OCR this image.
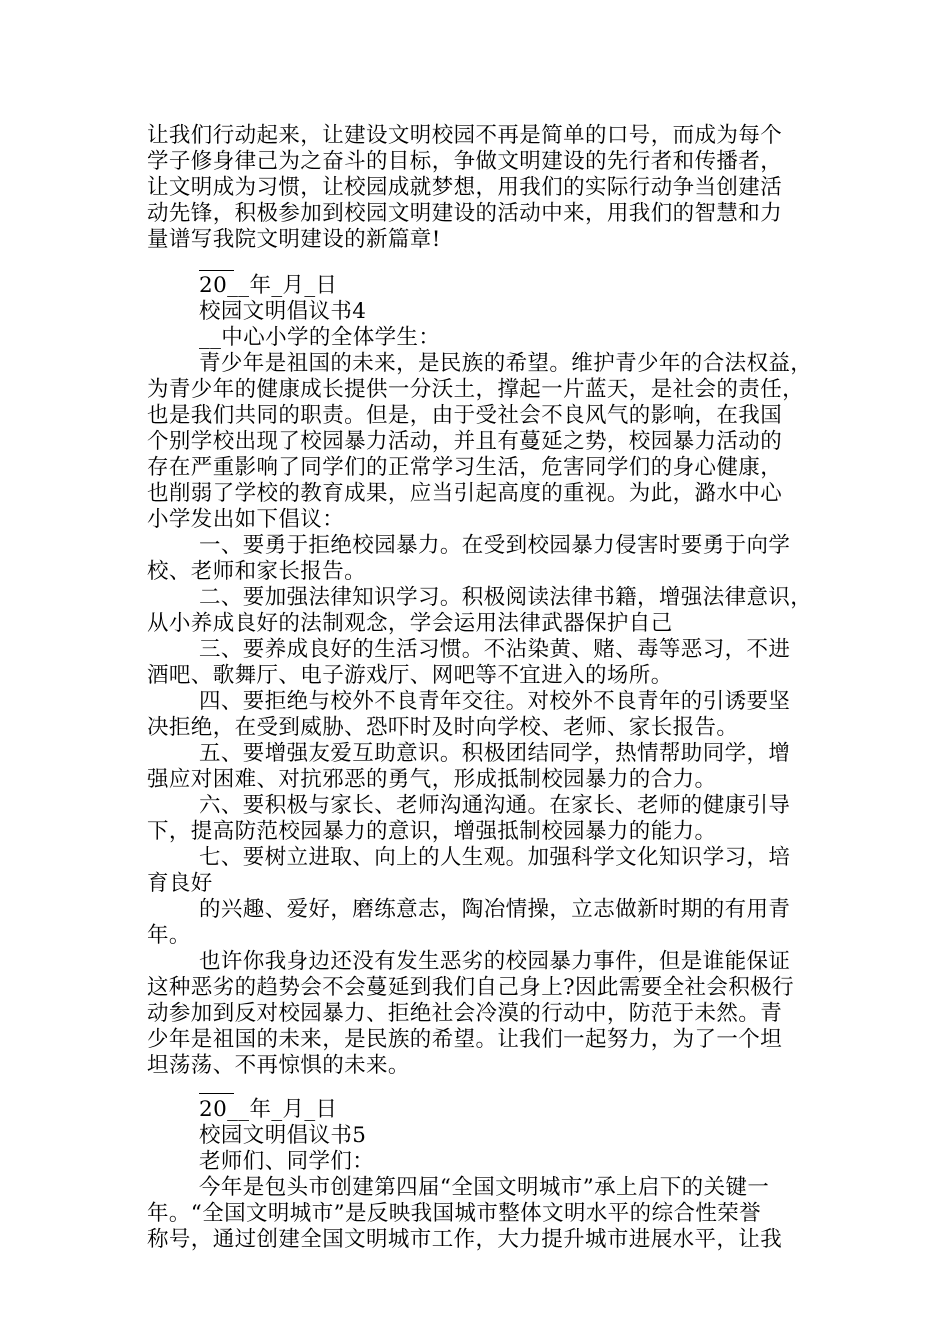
让我们行动起来，让建设文明校园不再是简单的口号，而成为每个
学子修身律己为之奋斗的目标，争做文明建设的先行者和传播者，
让文明成为习惯，让校园成就梦想，用我们的实际行动争当创建活
动先锋，积极参加到校园文明建设的活动中来，用我们的智慧和力
量谱写我院文明建设的新篇章!
20__年_月_日
校园文明倡议书4
__中心小学的全体学生：
青少年是祖国的未来，是民族的希望。维护青少年的合法权益，
为青少年的健康成长提供一分沃土，撑起一片蓝天，是社会的责任，
也是我们共同的职责。但是，由于受社会不良风气的影响，在我国
个别学校出现了校园暴力活动，并且有蔓延之势，校园暴力活动的
存在严重影响了同学们的正常学习生活，危害同学们的身心健康，
也削弱了学校的教育成果，应当引起高度的重视。为此，潞水中心
小学发出如下倡议：
一、要勇于拒绝校园暴力。在受到校园暴力侵害时要勇于向学
校、老师和家长报告。
二、要加强法律知识学习。积极阅读法律书籍，增强法律意识，
从小养成良好的法制观念，学会运用法律武器保护自己
三、要养成良好的生活习惯。不沾染黄、赌、毒等恶习，不进
酒吧、歌舞厅、电子游戏厅、网吧等不宜进入的场所。
四、要拒绝与校外不良青年交往。对校外不良青年的引诱要坚
决拒绝，在受到威胁、恐吓时及时向学校、老师、家长报告。
五、要增强友爱互助意识。积极团结同学，热情帮助同学，增
强应对困难、对抗邪恶的勇气，形成抵制校园暴力的合力。
六、要积极与家长、老师沟通沟通。在家长、老师的健康引导
下，提高防范校园暴力的意识，增强抵制校园暴力的能力。
七、要树立进取、向上的人生观。加强科学文化知识学习，培
育良好
的兴趣、爱好，磨练意志，陶冶情操，立志做新时期的有用青
年。
也许你我身边还没有发生恶劣的校园暴力事件，但是谁能保证
这种恶劣的趋势会不会蔓延到我们自己身上?因此需要全社会积极行
动参加到反对校园暴力、拒绝社会冷漠的行动中，防范于未然。青
少年是祖国的未来，是民族的希望。让我们一起努力，为了一个坦
坦荡荡、不再惊惧的未来。
20__年_月_日
校园文明倡议书5
老师们、同学们：
今年是包头市创建第四届“全国文明城市”承上启下的关键一
年。“全国文明城市”是反映我国城市整体文明水平的综合性荣誉
称号，通过创建全国文明城市工作，大力提升城市进展水平，让我
